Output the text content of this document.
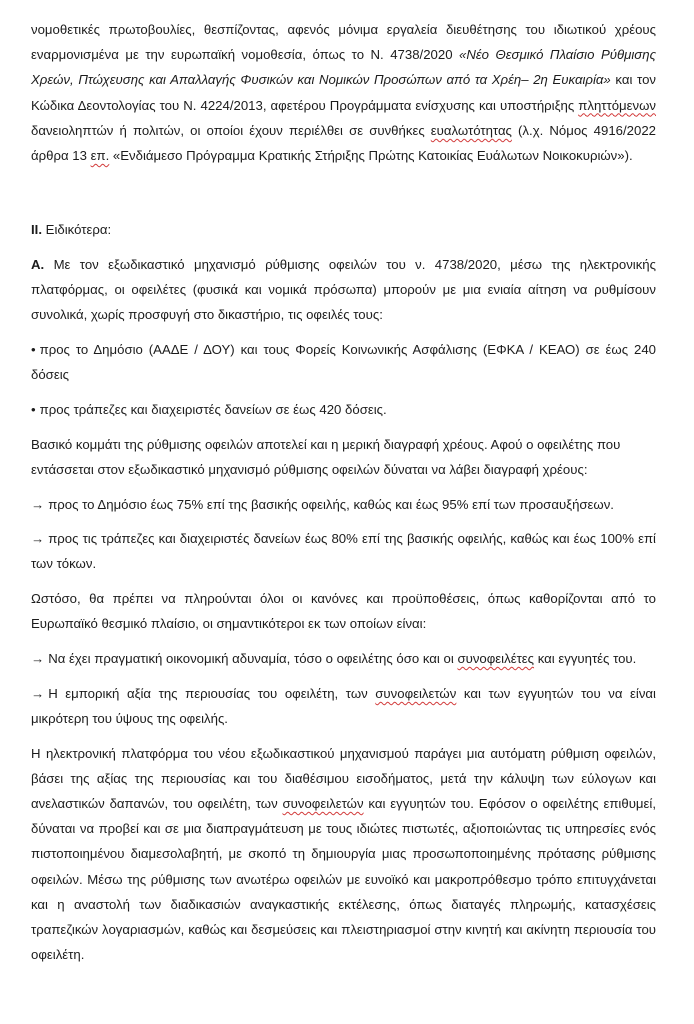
νομοθετικές πρωτοβουλίες, θεσπίζοντας, αφενός μόνιμα εργαλεία διευθέτησης του ιδιωτικού χρέους εναρμονισμένα με την ευρωπαϊκή νομοθεσία, όπως το Ν. 4738/2020 «Νέο Θεσμικό Πλαίσιο Ρύθμισης Χρεών, Πτώχευσης και Απαλλαγής Φυσικών και Νομικών Προσώπων από τα Χρέη– 2η Ευκαιρία» και τον Κώδικα Δεοντολογίας του Ν. 4224/2013, αφετέρου Προγράμματα ενίσχυσης και υποστήριξης πληττόμενων δανειοληπτών ή πολιτών, οι οποίοι έχουν περιέλθει σε συνθήκες ευαλωτότητας (λ.χ. Νόμος 4916/2022 άρθρα 13 επ. «Ενδιάμεσο Πρόγραμμα Κρατικής Στήριξης Πρώτης Κατοικίας Ευάλωτων Νοικοκυριών»).

II. Ειδικότερα:

Α. Με τον εξωδικαστικό μηχανισμό ρύθμισης οφειλών του ν. 4738/2020, μέσω της ηλεκτρονικής πλατφόρμας, οι οφειλέτες (φυσικά και νομικά πρόσωπα) μπορούν με μια ενιαία αίτηση να ρυθμίσουν συνολικά, χωρίς προσφυγή στο δικαστήριο, τις οφειλές τους:

• προς το Δημόσιο (ΑΑΔΕ / ΔΟΥ) και τους Φορείς Κοινωνικής Ασφάλισης (ΕΦΚΑ / ΚΕΑΟ) σε έως 240 δόσεις

• προς τράπεζες και διαχειριστές δανείων σε έως 420 δόσεις.

Βασικό κομμάτι της ρύθμισης οφειλών αποτελεί και η μερική διαγραφή χρέους. Αφού ο οφειλέτης που εντάσσεται στον εξωδικαστικό μηχανισμό ρύθμισης οφειλών δύναται να λάβει διαγραφή χρέους:

→ προς το Δημόσιο έως 75% επί της βασικής οφειλής, καθώς και έως 95% επί των προσαυξήσεων.

→ προς τις τράπεζες και διαχειριστές δανείων έως 80% επί της βασικής οφειλής, καθώς και έως 100% επί των τόκων.

Ωστόσο, θα πρέπει να πληρούνται όλοι οι κανόνες και προϋποθέσεις, όπως καθορίζονται από το Ευρωπαϊκό θεσμικό πλαίσιο, οι σημαντικότεροι εκ των οποίων είναι:

→ Να έχει πραγματική οικονομική αδυναμία, τόσο ο οφειλέτης όσο και οι συνοφειλέτες και εγγυητές του.

→ Η εμπορική αξία της περιουσίας του οφειλέτη, των συνοφειλετών και των εγγυητών του να είναι μικρότερη του ύψους της οφειλής.

Η ηλεκτρονική πλατφόρμα του νέου εξωδικαστικού μηχανισμού παράγει μια αυτόματη ρύθμιση οφειλών, βάσει της αξίας της περιουσίας και του διαθέσιμου εισοδήματος, μετά την κάλυψη των εύλογων και ανελαστικών δαπανών, του οφειλέτη, των συνοφειλετών και εγγυητών του. Εφόσον ο οφειλέτης επιθυμεί, δύναται να προβεί και σε μια διαπραγμάτευση με τους ιδιώτες πιστωτές, αξιοποιώντας τις υπηρεσίες ενός πιστοποιημένου διαμεσολαβητή, με σκοπό τη δημιουργία μιας προσωποποιημένης πρότασης ρύθμισης οφειλών. Μέσω της ρύθμισης των ανωτέρω οφειλών με ευνοϊκό και μακροπρόθεσμο τρόπο επιτυγχάνεται και η αναστολή των διαδικασιών αναγκαστικής εκτέλεσης, όπως διαταγές πληρωμής, κατασχέσεις τραπεζικών λογαριασμών, καθώς και δεσμεύσεις και πλειστηριασμοί στην κινητή και ακίνητη περιουσία του οφειλέτη.
